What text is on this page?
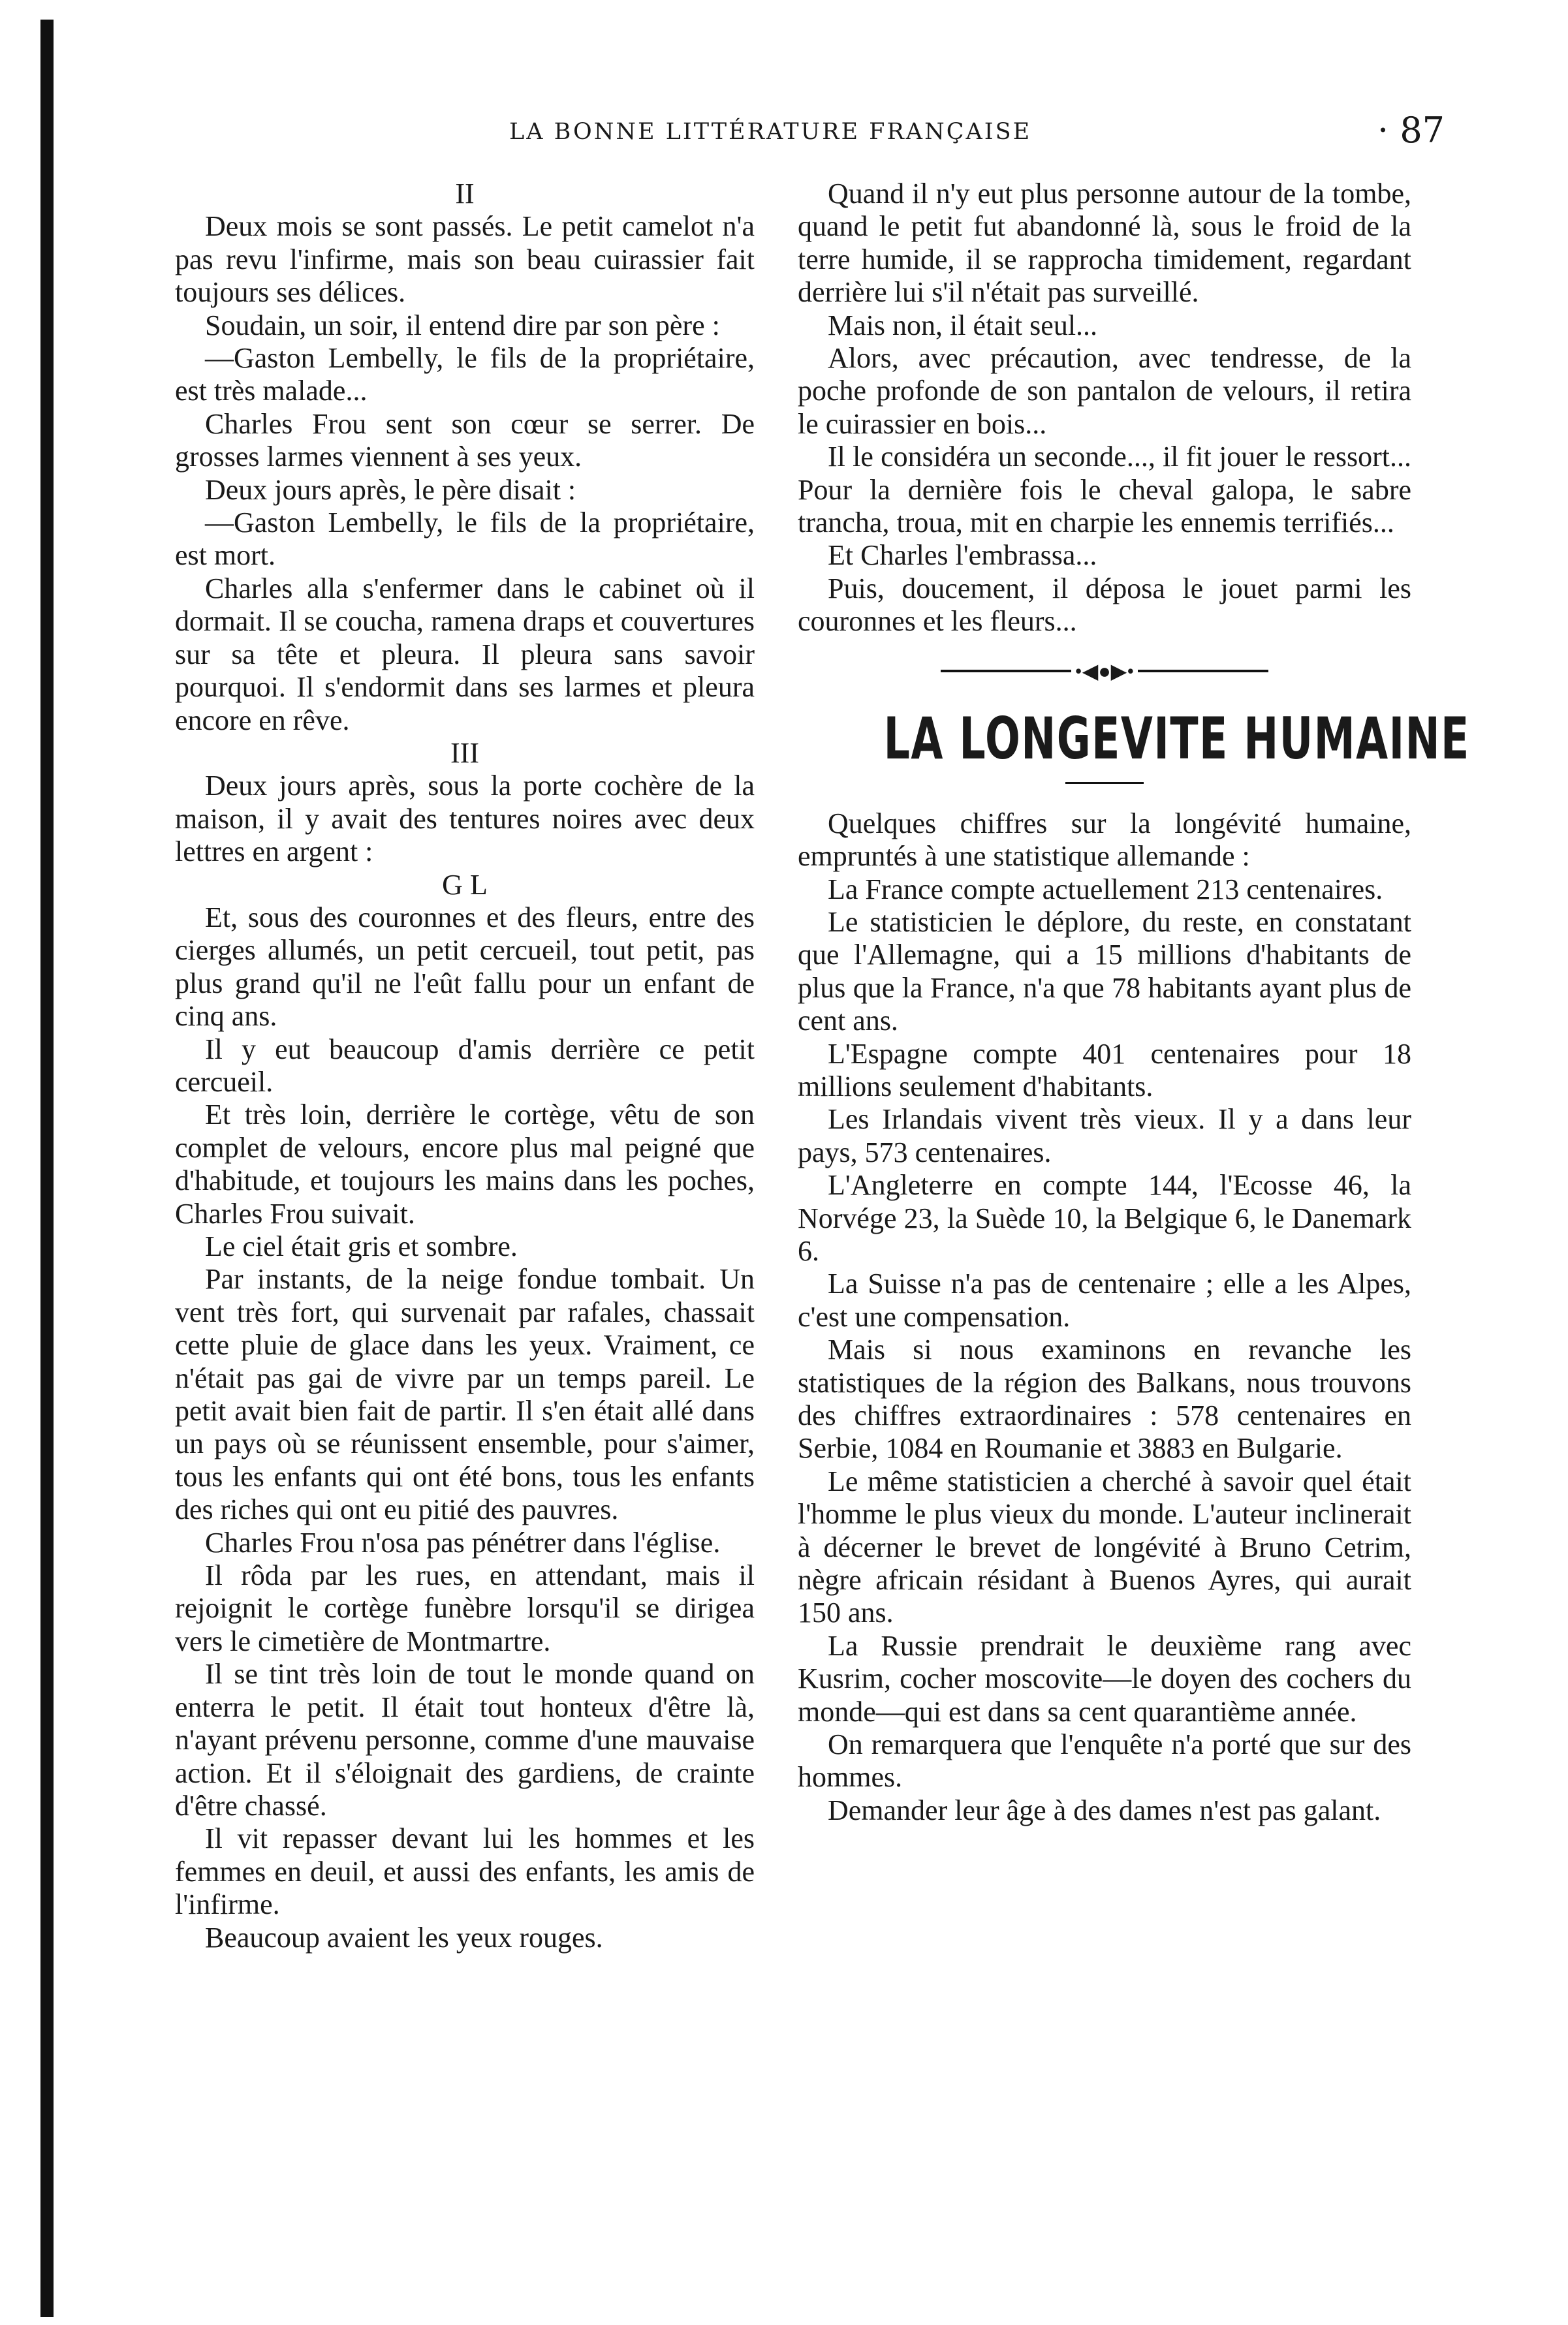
LA BONNE LITTÉRATURE FRANÇAISE	· 87

II

Deux mois se sont passés. Le petit camelot n'a pas revu l'infirme, mais son beau cuirassier fait toujours ses délices.

Soudain, un soir, il entend dire par son père :

—Gaston Lembelly, le fils de la propriétaire, est très malade...

Charles Frou sent son cœur se serrer. De grosses larmes viennent à ses yeux.

Deux jours après, le père disait :

—Gaston Lembelly, le fils de la propriétaire, est mort.

Charles alla s'enfermer dans le cabinet où il dormait. Il se coucha, ramena draps et couvertures sur sa tête et pleura. Il pleura sans savoir pourquoi. Il s'endormit dans ses larmes et pleura encore en rêve.

III

Deux jours après, sous la porte cochère de la maison, il y avait des tentures noires avec deux lettres en argent :

G L

Et, sous des couronnes et des fleurs, entre des cierges allumés, un petit cercueil, tout petit, pas plus grand qu'il ne l'eût fallu pour un enfant de cinq ans.

Il y eut beaucoup d'amis derrière ce petit cercueil.

Et très loin, derrière le cortège, vêtu de son complet de velours, encore plus mal peigné que d'habitude, et toujours les mains dans les poches, Charles Frou suivait.

Le ciel était gris et sombre.

Par instants, de la neige fondue tombait. Un vent très fort, qui survenait par rafales, chassait cette pluie de glace dans les yeux. Vraiment, ce n'était pas gai de vivre par un temps pareil. Le petit avait bien fait de partir. Il s'en était allé dans un pays où se réunissent ensemble, pour s'aimer, tous les enfants qui ont été bons, tous les enfants des riches qui ont eu pitié des pauvres.

Charles Frou n'osa pas pénétrer dans l'église.

Il rôda par les rues, en attendant, mais il rejoignit le cortège funèbre lorsqu'il se dirigea vers le cimetière de Montmartre.

Il se tint très loin de tout le monde quand on enterra le petit. Il était tout honteux d'être là, n'ayant prévenu personne, comme d'une mauvaise action. Et il s'éloignait des gardiens, de crainte d'être chassé.

Il vit repasser devant lui les hommes et les femmes en deuil, et aussi des enfants, les amis de l'infirme.

Beaucoup avaient les yeux rouges.

Quand il n'y eut plus personne autour de la tombe, quand le petit fut abandonné là, sous le froid de la terre humide, il se rapprocha timidement, regardant derrière lui s'il n'était pas surveillé.

Mais non, il était seul...

Alors, avec précaution, avec tendresse, de la poche profonde de son pantalon de velours, il retira le cuirassier en bois...

Il le considéra un seconde..., il fit jouer le ressort... Pour la dernière fois le cheval galopa, le sabre trancha, troua, mit en charpie les ennemis terrifiés...

Et Charles l'embrassa...

Puis, doucement, il déposa le jouet parmi les couronnes et les fleurs...

•◀●▶•
LA LONGEVITE HUMAINE

Quelques chiffres sur la longévité humaine, empruntés à une statistique allemande :

La France compte actuellement 213 centenaires.

Le statisticien le déplore, du reste, en constatant que l'Allemagne, qui a 15 millions d'habitants de plus que la France, n'a que 78 habitants ayant plus de cent ans.

L'Espagne compte 401 centenaires pour 18 millions seulement d'habitants.

Les Irlandais vivent très vieux. Il y a dans leur pays, 573 centenaires.

L'Angleterre en compte 144, l'Ecosse 46, la Norvége 23, la Suède 10, la Belgique 6, le Danemark 6.

La Suisse n'a pas de centenaire ; elle a les Alpes, c'est une compensation.

Mais si nous examinons en revanche les statistiques de la région des Balkans, nous trouvons des chiffres extraordinaires : 578 centenaires en Serbie, 1084 en Roumanie et 3883 en Bulgarie.

Le même statisticien a cherché à savoir quel était l'homme le plus vieux du monde. L'auteur inclinerait à décerner le brevet de longévité à Bruno Cetrim, nègre africain résidant à Buenos Ayres, qui aurait 150 ans.

La Russie prendrait le deuxième rang avec Kusrim, cocher moscovite—le doyen des cochers du monde—qui est dans sa cent quarantième année.

On remarquera que l'enquête n'a porté que sur des hommes.

Demander leur âge à des dames n'est pas galant.
